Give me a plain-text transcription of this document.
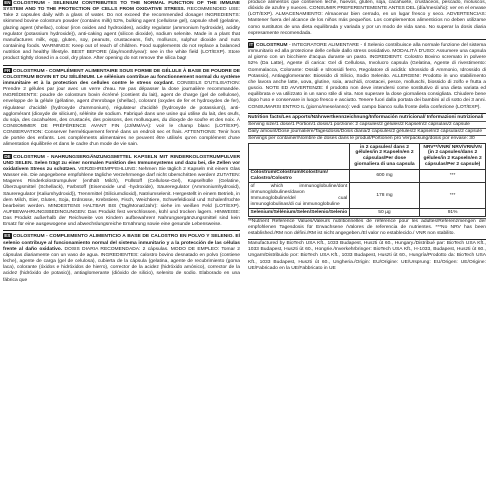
EN COLOSTRUM - SELENIUM CONTRIBUTES TO THE NORMAL FUNCTION OF THE IMMUNE SYSTEM AND TO THE PROTECTION OF CELLS FROM OXIDATIVE STRESS. RECOMMENDED USE: Take 2 capsules daily with a glass of water. Do not exceed the recommended dosage! INGREDIENTS: skimmed bovine colostrum powder (contains milk) 52%, bulking agent (cellulose gel), capsule shell (gelatine, glazing agent (shellac), colour (iron oxides and hydroxides), acidity regulator (ammonium hydroxide), acidity regulator (potassium hydroxide)), anti-caking agent (silicon dioxide), sodium selenite. Made in a plant that manufactures milk, egg, gluten, soy, peanuts, crustaceans, fish, molluscs, sulphur dioxide and nuts containing foods. WARNINGS: Keep out of reach of children. Food supplements do not replace a balanced nutrition and healthy lifestyle. BEST BEFORE (day/month/year): see in the white field (LOT/EXP). Store product tightly closed in a cool, dry place. After opening do not remove the silica bag!
FR COLOSTRUM - COMPLÉMENT ALIMENTAIRE SOUS FORME DE GÉLULE À BASE DE POUDRE DE COLOSTRUM BOVIN ET DU SÉLÉNIUM. Le sélénium contribue au fonctionnement normal du système immunitaire et à la protection des cellules contre le stress oxydant. CONSEILS D'UTILISATION: Prendre 2 gélules par jour avec un verre d'eau. Ne pas dépasser la dose journalière recommandée. INGRÉDIENTS: poudre de colostrum bovin écrémé (contient du lait), agent de charge (gel de cellulose), enveloppe de la gélule (gélatine, agent d'enrobage (shellac), colorant (oxydes de fer et hydroxydes de fer), régulateur d'acidité (hydroxyde d'ammonium), régulateur d'acidité (hydroxyde de potassium)), anti-agglomérant (dioxyde de silicium), sélénite de sodium. Fabriqué dans une usine qui utilise du lait, des œufs, du soja, des cacahuètes, des crustacés, des poissons, des mollusques, du dioxyde de soufre et des noix. À CONSOMMER DE PRÉFÉRENCE AVANT FIN (JJ/MM/AA): voir le champ blanc (LOT/EXP). CONSERVATION: Conserver hermétiquement fermé dans un endroit sec et frais. ATTENTIONS: Tenir hors de portée des enfants. Les compléments alimentaires ne peuvent être utilisés qu'en complément d'une alimentation équilibrée et dans le cadre d'un mode de vie sain.
DE COLOSTRUM - NAHRUNGSERGÄNZUNGSMITTEL KAPSELN MIT RINDERKOLOSTRUMPULVER UND SELEN. Selen trägt zu einer normalen Funktion des Immunsystems und dazu bei, die Zellen vor oxidativem Stress zu schützen. VERZEHREMPFEHLUNG: Nehmen Sie täglich 2 Kapseln mit einem Glas Wasser ein. Die angegebene empfohlene tägliche Verzehrmenge darf nicht überschritten werden! ZUTATEN: Mageres Rinderkolostrumpulver (enthält Milch), Füllstoff (Cellulose-Gel), Kapselhülle (Gelatine, Überzugsmittel (Schellack), Farbstoff (Eisenoxide und -hydroxide), Säureregulator (Ammoniumhydroxid), Säureregulator (Kaliumhydroxid)), Trennmittel (Siliciumdioxid), Natriumselenit. Hergestellt in einem Betrieb, in dem Milch, Eier, Gluten, Soja, Erdnüsse, Krebstiere, Fisch, Weichtiere, Schwefeldioxid und Schalenfrüchte bearbeitet werden. MINDESTENS HALTBAR BIS (Tag/Monat/Jahr): siehe im weißen Feld (LOT/EXP). AUFBEWAHRUNGSBEDINGUNGEN: Das Produkt fest verschlossen, kühl und trocken lagern. HINWEISE: Das Produkt außerhalb der Reichweite von Kindern aufbewahren! Nahrungsergänzungsmittel sind kein Ersatz für eine ausgewogene und abwechslungsreiche Ernährung sowie eine gesunde Lebensweise.
ES COLOSTRUM - COMPLEMENTO ALIMENTICIO A BASE DE CALOSTRO EN POLVO Y SELENIO. El selenio contribuye al funcionamiento normal del sistema inmunitario y a la protección de las células frente al daño oxidativo. DOSIS DIARIA RECOMENDADA: 2 cápsulas. MODO DE EMPLEO: Tomar 2 cápsulas diariamente con un vaso de agua. INGREDIENTES: calostro bovino desnatado en polvo (contiene leche), agente de carga (gel de celulosa), cubierta de la cápsula (gelatina, agente de recubrimiento (goma laca), colorante (óxidos e hidróxidos de hierro), corrector de la acidez (hidróxido amónico), corrector de la acidez (hidróxido de potasio)), antiaglomerante (dióxido de silicio), selenito de sodio. Elaborado en una fábrica que
produce alimentos que contienen leche, huevos, gluten, soja, cacahuete, crustáceos, pescado, moluscos, dióxido de azufre y nueces. CONSUMIR PREFERENTEMENTE ANTES DEL (día/mes/año): ver en el envase (LOT/EXP). ALMACENAMIENTO: Almacenar bien cerrado, en un lugar fresco y seco. ADVERTENCIAS: Mantener fuera del alcance de los niños más pequeños. Los complementos alimenticios no deben utilizarse como sustitutos de una dieta equilibrada y variada y por un modo de vida sano. No superar la dosis diaria expresamente recomendada.
IT COLOSTRUM - INTEGRATORE ALIMENTARE - Il Selenio contribuisce alla normale funzione del sistema immunitario ed alla protezione delle cellule dallo stress ossidativo. MODALITÀ D'USO: Assumere una capsula al giorno con un bicchiere d'acqua durante un pasto. INGREDIENTI: Colostro Bovino scremato in polvere 52% (Da Latte), Agente di carica: Gel di Cellulosa, Involucro capsula (Gelatina, Agente di rivestimento: Gommalacca, Colorante: Ossidi e Idrossidi ferro, Regolatore di acidità: Idrossido di Ammonio, Idrossido di Potassio), Antiagglomerante: Biossido di Silicio, Sodio Selenito. ALLERGENI: Prodotto in uno stabilimento che lavora anche latte, uova, glutine, soia, arachidi, crostacei, pesce, molluschi, biossido di zolfo e frutta a guscio. NOTE ED AVVERTENZE: Il prodotto non deve intendersi come sostitutivo di una dieta variata ed equilibrata e va utilizzato in un sano stile di vita. Non superare la dose giornaliera consigliata. Chiudere bene dopo l'uso e conservare in luogo fresco e asciutto. Tenere fuori dalla portata dei bambini al di sotto dei 3 anni. CONSUMARSI ENTRO IL (giorno/mese/anno): vedi campo bianco sulla fronte della confezione (LOT/EXP).
Nutrition facts/Les apports/Nährwertkennzeichnung/Información nutricional/ Informazioni nutrizionali
Serving size/1 dose/1 Portion/1 dosis/1 porzione: 2 capsules/2 gélules/2 Kapseln/2 cápsulas/2 capsule
Daily amount/Dose journalière/Tagesdosis/Dosis diaria/2 capsules/2 gélules/2 Kapseln/2 cápsulas/2 capsule
Servings per container/Nombre de doses dans le produit/Portionen pro Verpackung/dosis por envase: 30
	in 2 capsules/ dans 2 gélules/in 2 Kapseln/en 2 cápsulas/Per dose giornaliera di una capsula	NRV**/VNR/ NRV/VRN/VN (in 2 capsules/dans 2 gélules/in 2 Kapseln/en 2 cápsulas/Per 2 capsule)
Colostrum/Colostrum/Kolostrum/ Calostro/Colostro	600 mg	***
of which immunoglobuline/dont immunoglobulines/davon Immunoglobuline/del cual inmunoglobulinas/di cui immunoglobuline	178 mg	***
Selenium/Sélénium/Selen/Selenio/Selenio	50 µg	91%
**Nutrient Reference Values/Valeurs nutritionnelles de référence pour les adultes/Referenzmengen der empfohlenen Tagesdosis für Erwachsene /Valores de referencia de nutrientes. ***No NRV has been established./RM non défini./RM ist nicht angegeben./El valor no establecido./ VNR non stabilito.
Manufactured by BioTech USA Kft., 1033 Budapest, Huszti út 60., Hungary./Distribué par: BioTech USA Kft., 1033 Budapest, Huszti út 60., Hongrie./Inverkehrbringer: BioTech USA Kft., H-1033, Budapest, Huszti út 60., Ungarn/Distribuido por: BioTech USA Kft., 1033 Budapest, Huszti út 60., Hungría/Prodotto da: BioTech USA Kft., 1033 Budapest, Huszti út 60., Ungheria./Origin: EU/Origine: UE/Ursprung: EU/Origen: UE/Origine: UE/Fabricado en la UE/Fabbricato in UE
